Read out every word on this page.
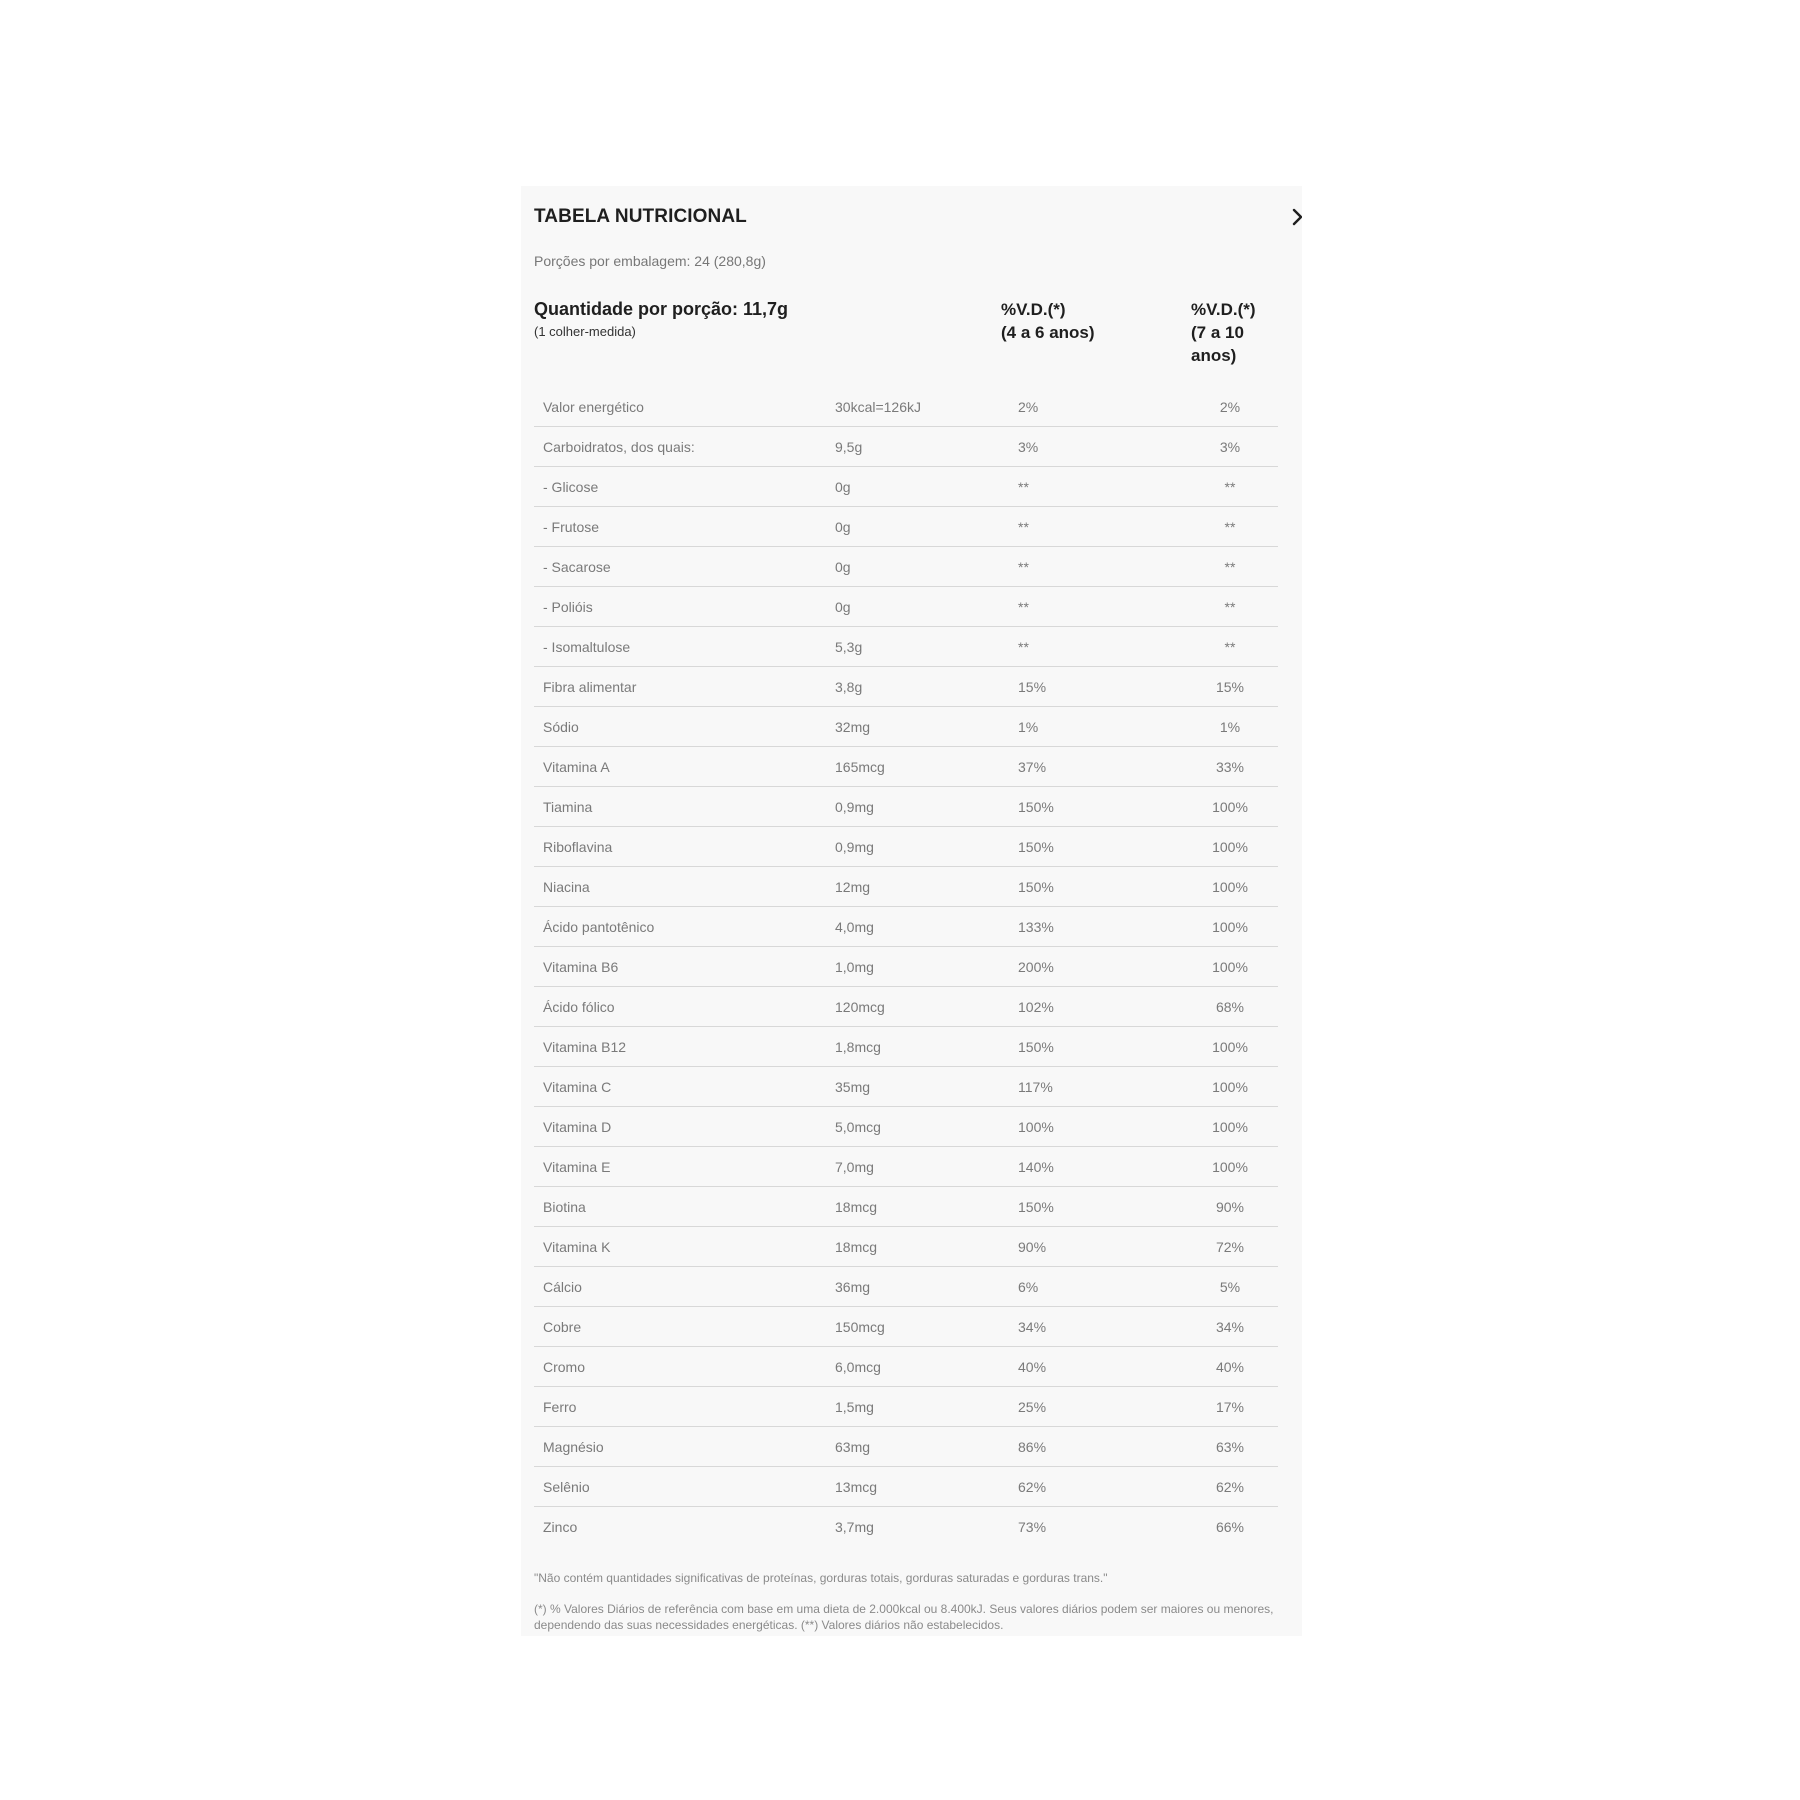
TABELA NUTRICIONAL

Porções por embalagem: 24 (280,8g)

Quantidade por porção: 11,7g
(1 colher-medida)
%V.D.(*)
(4 a 6 anos)
%V.D.(*)
(7 a 10
anos)
Valor energético	30kcal=126kJ	2%	2%
Carboidratos, dos quais:	9,5g	3%	3%
- Glicose	0g	**	**
- Frutose	0g	**	**
- Sacarose	0g	**	**
- Polióis	0g	**	**
- Isomaltulose	5,3g	**	**
Fibra alimentar	3,8g	15%	15%
Sódio	32mg	1%	1%
Vitamina A	165mcg	37%	33%
Tiamina	0,9mg	150%	100%
Riboflavina	0,9mg	150%	100%
Niacina	12mg	150%	100%
Ácido pantotênico	4,0mg	133%	100%
Vitamina B6	1,0mg	200%	100%
Ácido fólico	120mcg	102%	68%
Vitamina B12	1,8mcg	150%	100%
Vitamina C	35mg	117%	100%
Vitamina D	5,0mcg	100%	100%
Vitamina E	7,0mg	140%	100%
Biotina	18mcg	150%	90%
Vitamina K	18mcg	90%	72%
Cálcio	36mg	6%	5%
Cobre	150mcg	34%	34%
Cromo	6,0mcg	40%	40%
Ferro	1,5mg	25%	17%
Magnésio	63mg	86%	63%
Selênio	13mcg	62%	62%
Zinco	3,7mg	73%	66%

"Não contém quantidades significativas de proteínas, gorduras totais, gorduras saturadas e gorduras trans."

(*) % Valores Diários de referência com base em uma dieta de 2.000kcal ou 8.400kJ. Seus valores diários podem ser maiores ou menores, dependendo das suas necessidades energéticas. (**) Valores diários não estabelecidos.
